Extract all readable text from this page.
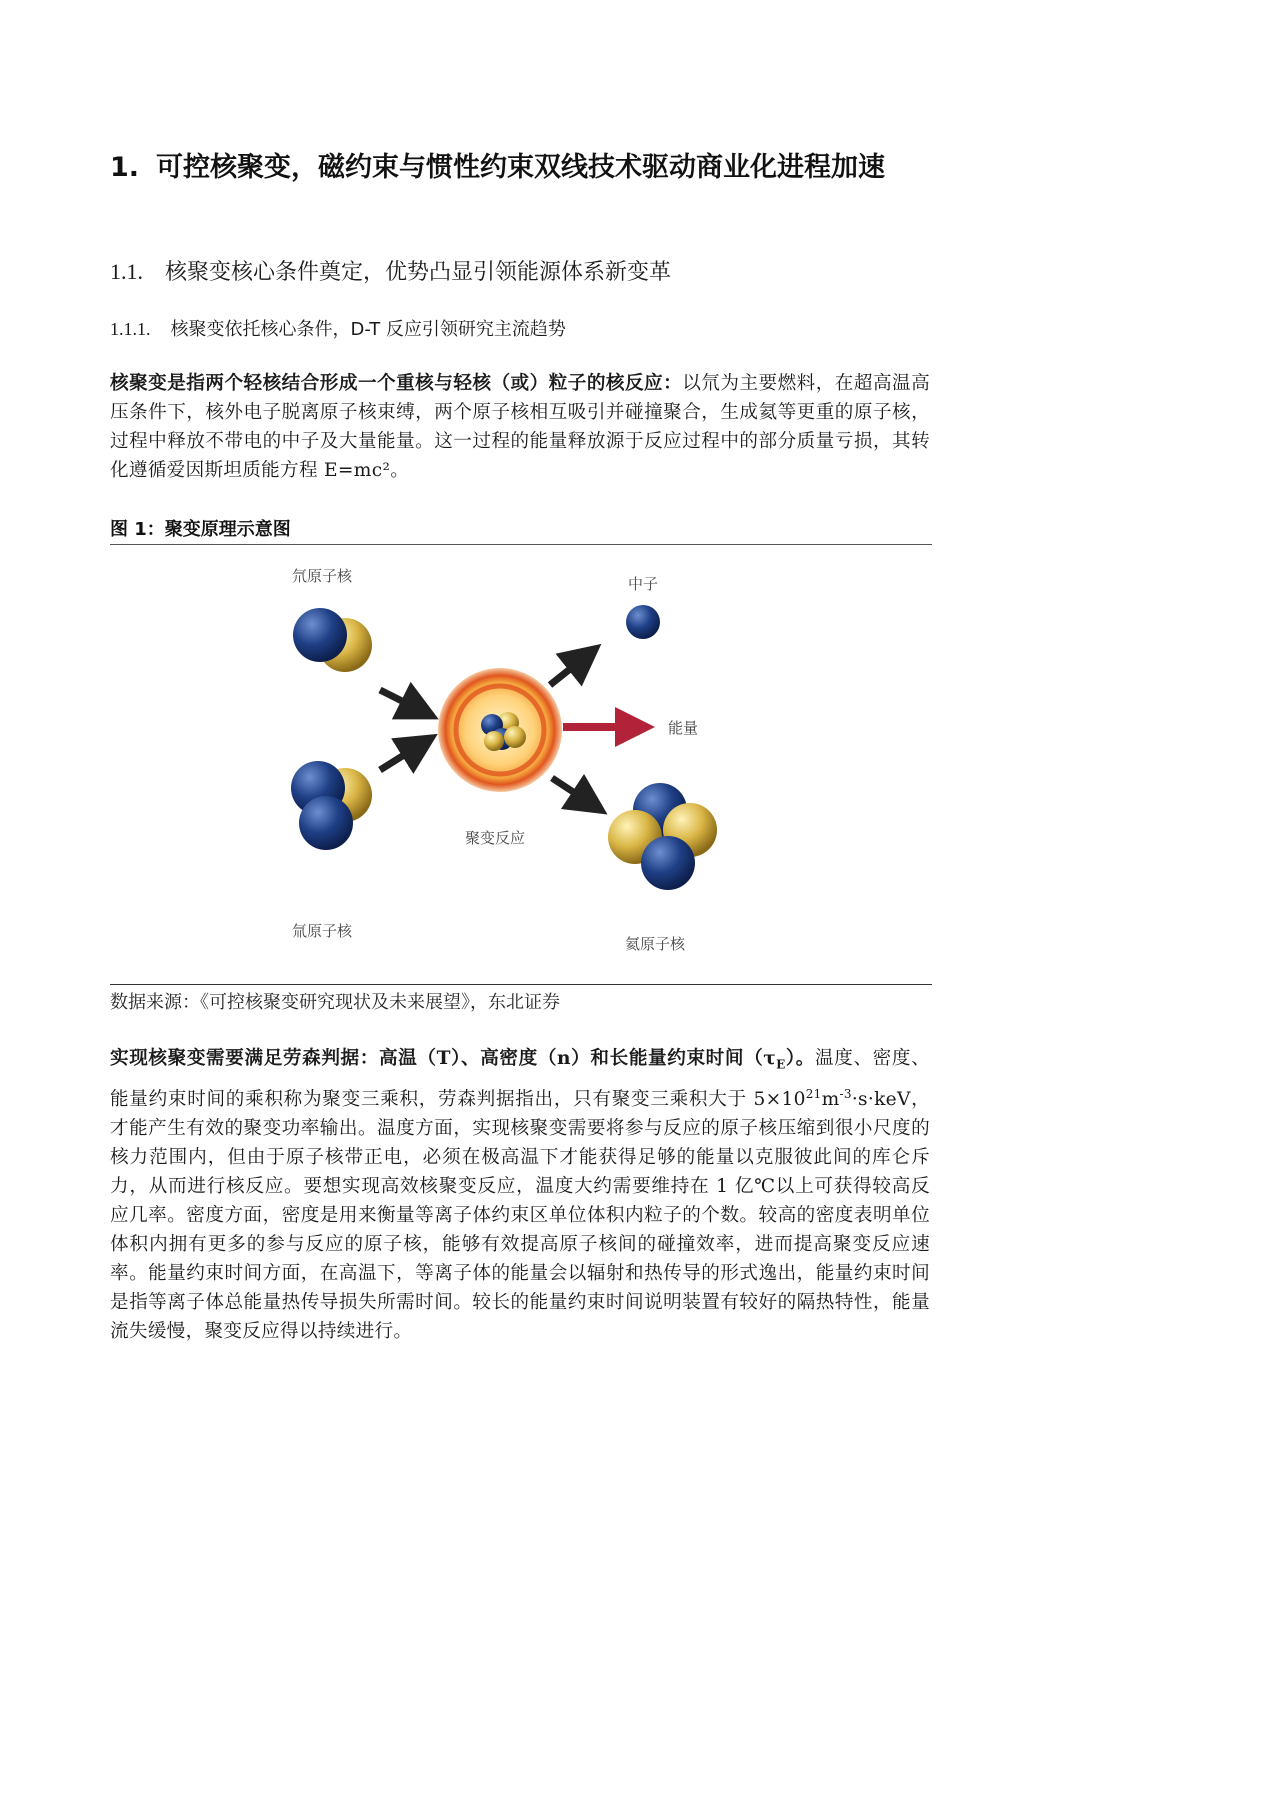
1. 可控核聚变，磁约束与惯性约束双线技术驱动商业化进程加速
1.1. 核聚变核心条件奠定，优势凸显引领能源体系新变革
1.1.1. 核聚变依托核心条件，D-T 反应引领研究主流趋势
核聚变是指两个轻核结合形成一个重核与轻核（或）粒子的核反应：以氘为主要燃料，在超高温高压条件下，核外电子脱离原子核束缚，两个原子核相互吸引并碰撞聚合，生成氦等更重的原子核，过程中释放不带电的中子及大量能量。这一过程的能量释放源于反应过程中的部分质量亏损，其转化遵循爱因斯坦质能方程 E=mc²。
图 1：聚变原理示意图
氘原子核
氚原子核
中子
能量
聚变反应
氦原子核
数据来源：《可控核聚变研究现状及未来展望》，东北证券
实现核聚变需要满足劳森判据：高温（T）、高密度（n）和长能量约束时间$(\tau_E)$。温度、密度、能量约束时间的乘积称为聚变三乘积，劳森判据指出，只有聚变三乘积大于 $5\times 10^{21}m^{-3}\cdot s\cdot keV$，才能产生有效的聚变功率输出。温度方面，实现核聚变需要将参与反应的原子核压缩到很小尺度的核力范围内，但由于原子核带正电，必须在极高温下才能获得足够的能量以克服彼此间的库仑斥力，从而进行核反应。要想实现高效核聚变反应，温度大约需要维持在 1 亿℃以上可获得较高反应几率。密度方面，密度是用来衡量等离子体约束区单位体积内粒子的个数。较高的密度表明单位体积内拥有更多的参与反应的原子核，能够有效提高原子核间的碰撞效率，进而提高聚变反应速率。能量约束时间方面，在高温下，等离子体的能量会以辐射和热传导的形式逸出，能量约束时间是指等离子体总能量热传导损失所需时间。较长的能量约束时间说明装置有较好的隔热特性，能量流失缓慢，聚变反应得以持续进行。
